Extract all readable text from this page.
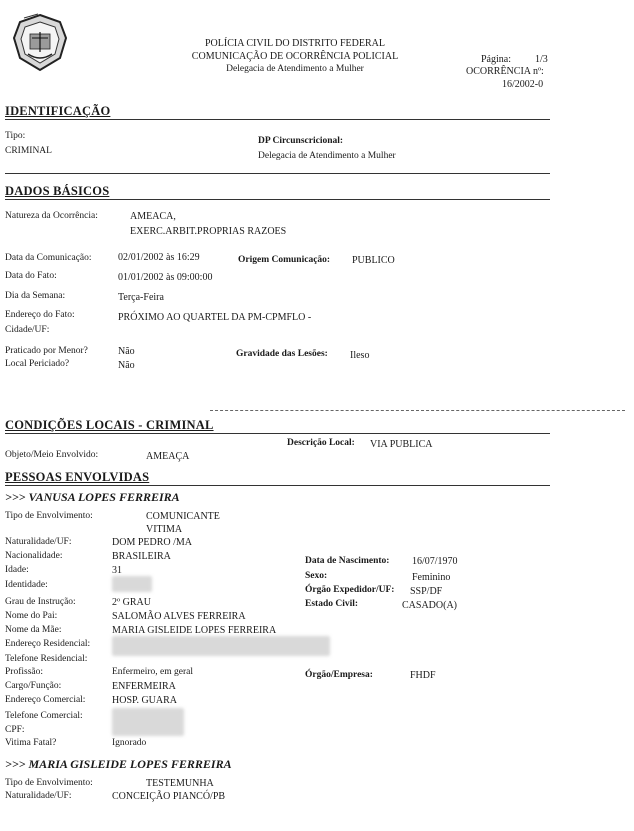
POLÍCIA CIVIL DO DISTRITO FEDERAL
COMUNICAÇÃO DE OCORRÊNCIA POLICIAL
Delegacia de Atendimento a Mulher
Página: 1/3
OCORRÊNCIA nº:
16/2002-0
IDENTIFICAÇÃO
Tipo:
CRIMINAL
DP Circunscricional:
Delegacia de Atendimento a Mulher
DADOS BÁSICOS
Natureza da Ocorrência:	AMEACA,
EXERC.ARBIT.PROPRIAS RAZOES
Data da Comunicação:	02/01/2002 às 16:29	Origem Comunicação: PUBLICO
Data do Fato:	01/01/2002 às 09:00:00
Dia da Semana:	Terça-Feira
Endereço do Fato:	PRÓXIMO AO QUARTEL DA PM-CPMFLO -
Cidade/UF:
Praticado por Menor?	Não
Local Periciado?	Não
Gravidade das Lesões: Ileso
CONDIÇÕES LOCAIS - CRIMINAL
Descrição Local: VIA PUBLICA
Objeto/Meio Envolvido:	AMEAÇA
PESSOAS ENVOLVIDAS
>>> VANUSA LOPES FERREIRA
Tipo de Envolvimento:	COMUNICANTE
VITIMA
Naturalidade/UF:	DOM PEDRO /MA
Nacionalidade:	BRASILEIRA
Idade:	31
Identidade:
Grau de Instrução:	2º GRAU
Nome do Pai:	SALOMÃO ALVES FERREIRA
Nome da Mãe:	MARIA GISLEIDE LOPES FERREIRA
Endereço Residencial:
Telefone Residencial:
Profissão:	Enfermeiro, em geral
Cargo/Função:	ENFERMEIRA
Endereço Comercial:	HOSP. GUARA
Telefone Comercial:
CPF:
Vitima Fatal?	Ignorado
Data de Nascimento: 16/07/1970
Sexo:	Feminino
Órgão Expedidor/UF: SSP/DF
Estado Civil:	CASADO(A)
Órgão/Empresa:	FHDF
>>> MARIA GISLEIDE LOPES FERREIRA
Tipo de Envolvimento:	TESTEMUNHA
Naturalidade/UF:	CONCEIÇÃO PIANCÓ/PB
